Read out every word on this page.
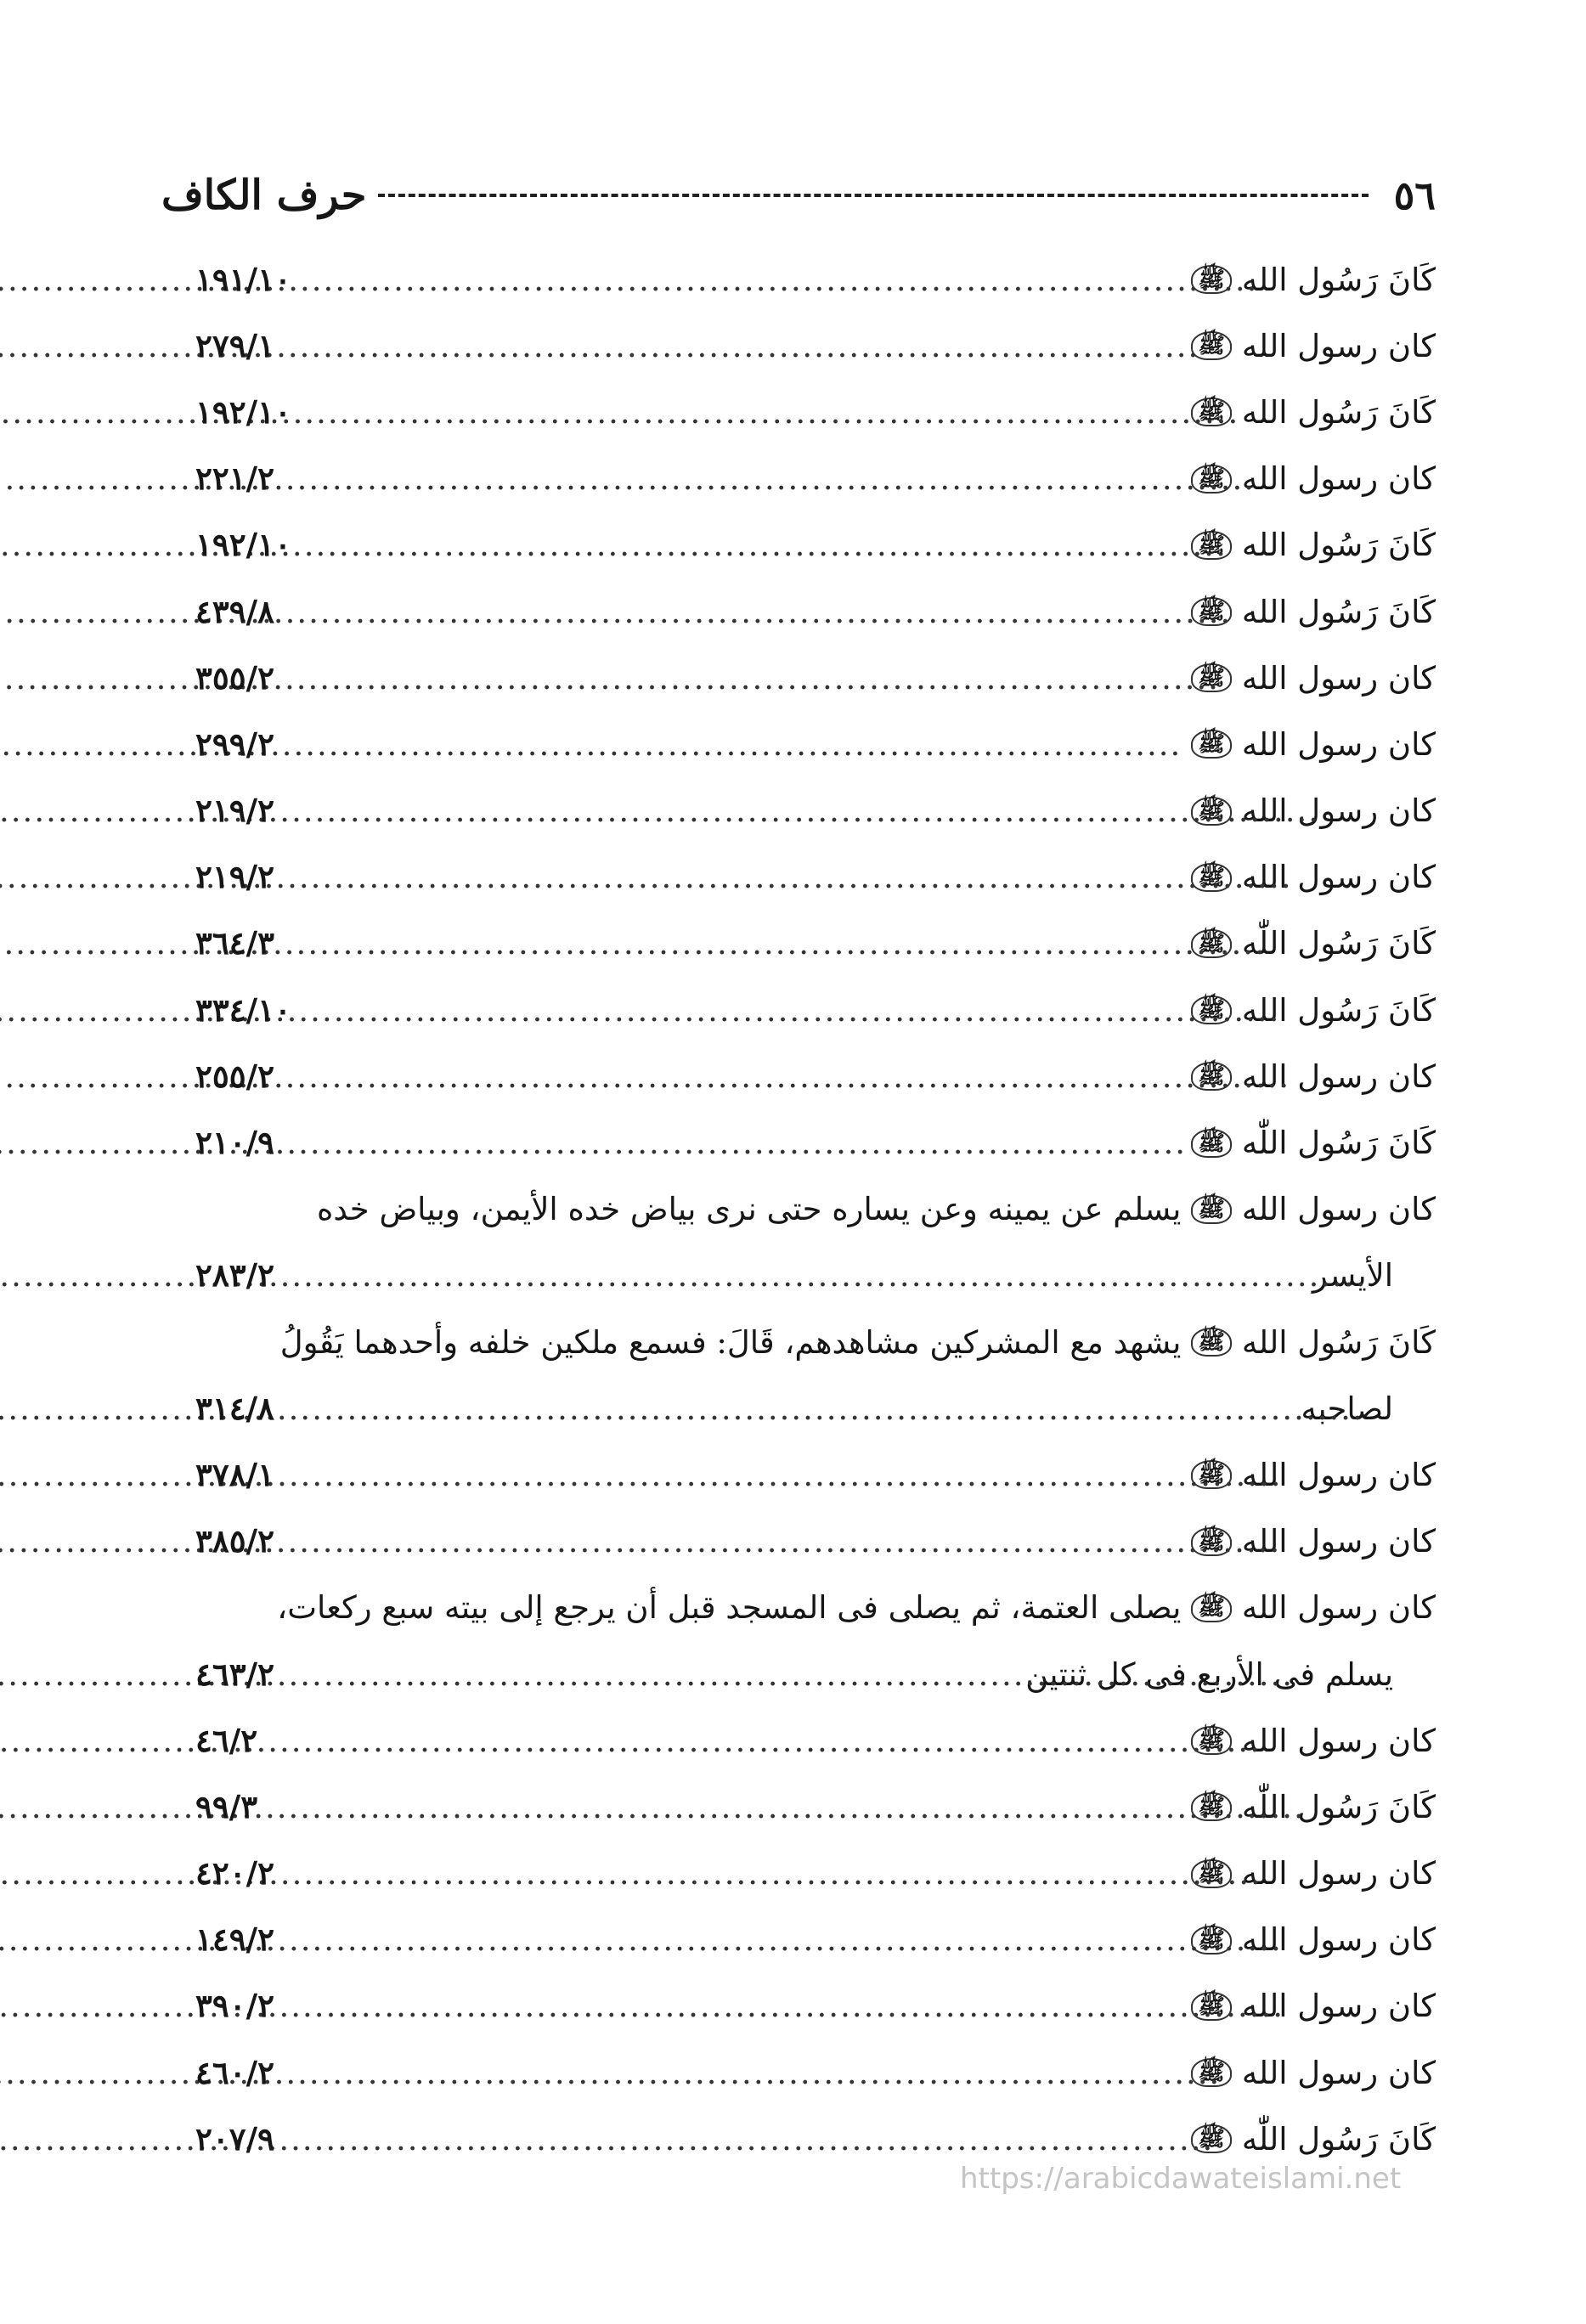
٥٦
حرف الكاف
كَانَ رَسُول الله
ﷺ
.....
١٩١/١٠
كان رسول الله
ﷺ
.....
٢٧٩/١
كَانَ رَسُول الله
ﷺ
.....
١٩٢/١٠
كان رسول الله
ﷺ
.....
٢٢١/٢
كَانَ رَسُول الله
ﷺ
.....
١٩٢/١٠
كَانَ رَسُول الله
ﷺ
.....
٤٣٩/٨
كان رسول الله
ﷺ
.....
٣٥٥/٢
كان رسول الله
ﷺ
.....
٢٩٩/٢
كان رسول الله
ﷺ
.....
٢١٩/٢
كان رسول الله
ﷺ
.....
٢١٩/٢
كَانَ رَسُول اللّٰه
ﷺ
.....
٣٦٤/٣
كَانَ رَسُول الله
ﷺ
.....
٣٣٤/١٠
كان رسول الله
ﷺ
.....
٢٥٥/٢
كَانَ رَسُول اللّٰه
ﷺ
.....
٢١٠/٩
كان رسول الله
ﷺ
يسلم عن يمينه وعن يساره حتى نرى بياض خده الأيمن، وبياض خده
الأيسر
.....
٢٨٣/٢
كَانَ رَسُول الله
ﷺ
يشهد مع المشركين مشاهدهم، قَالَ: فسمع ملكين خلفه وأحدهما يَقُولُ
لصاحبه
.....
٣١٤/٨
كان رسول الله
ﷺ
.....
٣٧٨/١
كان رسول الله
ﷺ
.....
٣٨٥/٢
كان رسول الله
ﷺ
يصلى العتمة، ثم يصلى فى المسجد قبل أن يرجع إلى بيته سبع ركعات،
يسلم فى الأربع فى كل ثنتين
.....
٤٦٣/٢
كان رسول الله
ﷺ
.....
٤٦/٢
كَانَ رَسُول اللّٰه
ﷺ
.....
٩٩/٣
كان رسول الله
ﷺ
.....
٤٢٠/٢
كان رسول الله
ﷺ
.....
١٤٩/٢
كان رسول الله
ﷺ
.....
٣٩٠/٢
كان رسول الله
ﷺ
.....
٤٦٠/٢
كَانَ رَسُول اللّٰه
ﷺ
.....
٢٠٧/٩
https://arabicdawateislami.net
